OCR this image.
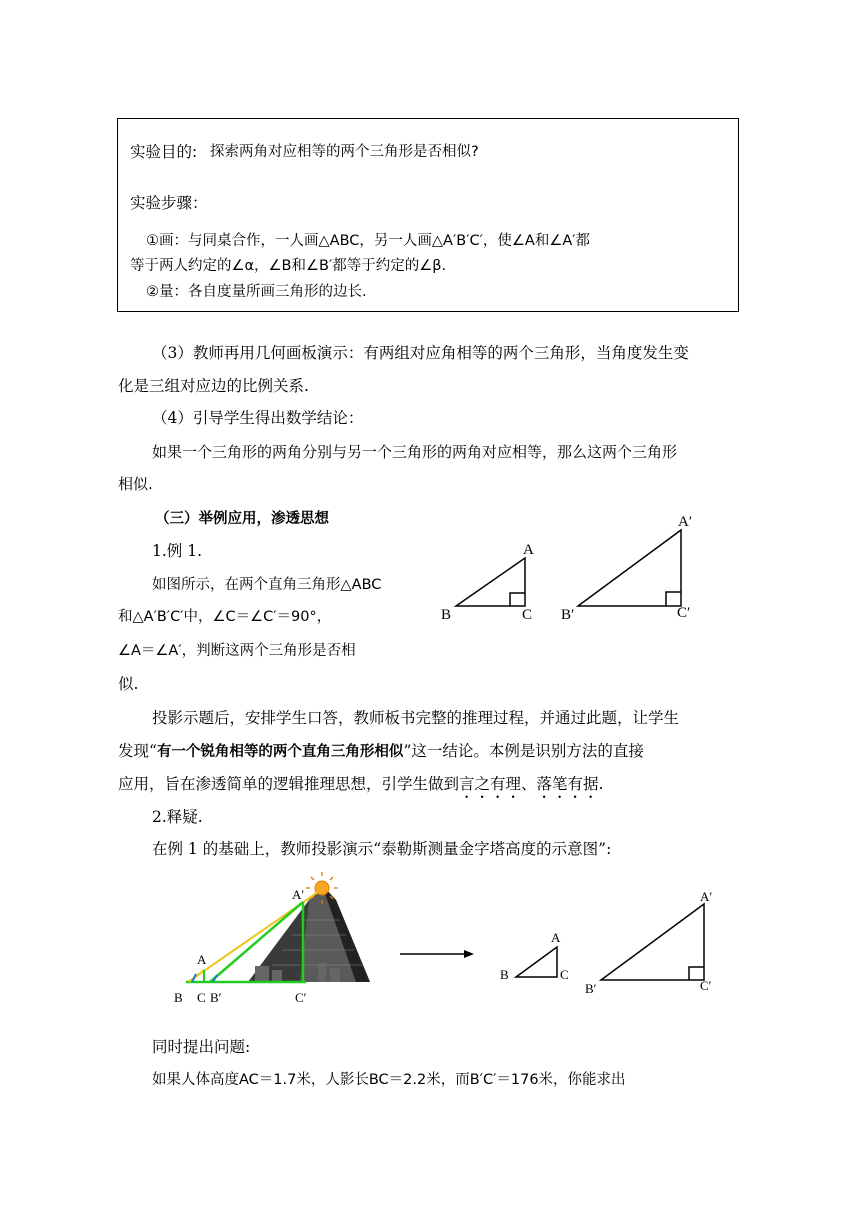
实验目的: 探索两角对应相等的两个三角形是否相似?
实验步骤：
①画：与同桌合作，一人画△ABC，另一人画△A′B′C′，使∠A和∠A′都
等于两人约定的∠α，∠B和∠B′都等于约定的∠β.
②量：各自度量所画三角形的边长.
（3）教师再用几何画板演示：有两组对应角相等的两个三角形，当角度发生变
化是三组对应边的比例关系.
（4）引导学生得出数学结论：
如果一个三角形的两角分别与另一个三角形的两角对应相等，那么这两个三角形
相似.
（三）举例应用，渗透思想
1.例 1.
如图所示，在两个直角三角形△ABC
和△A′B′C′中，∠C＝∠C′＝90°，
∠A＝∠A′，判断这两个三角形是否相
似.
A
B	C
A′
B′	C′
投影示题后，安排学生口答，教师板书完整的推理过程，并通过此题，让学生
发现“有一个锐角相等的两个直角三角形相似”这一结论。本例是识别方法的直接
应用，旨在渗透简单的逻辑推理思想，引学生做到言之有理、落笔有据.
2.释疑.
在例 1 的基础上，教师投影演示“泰勒斯测量金字塔高度的示意图”:
A′
A
B C B′	C′
A
B	C
A′
B′	C′
同时提出问题:
如果人体高度AC＝1.7米，人影长BC＝2.2米，而B′C′＝176米，你能求出
